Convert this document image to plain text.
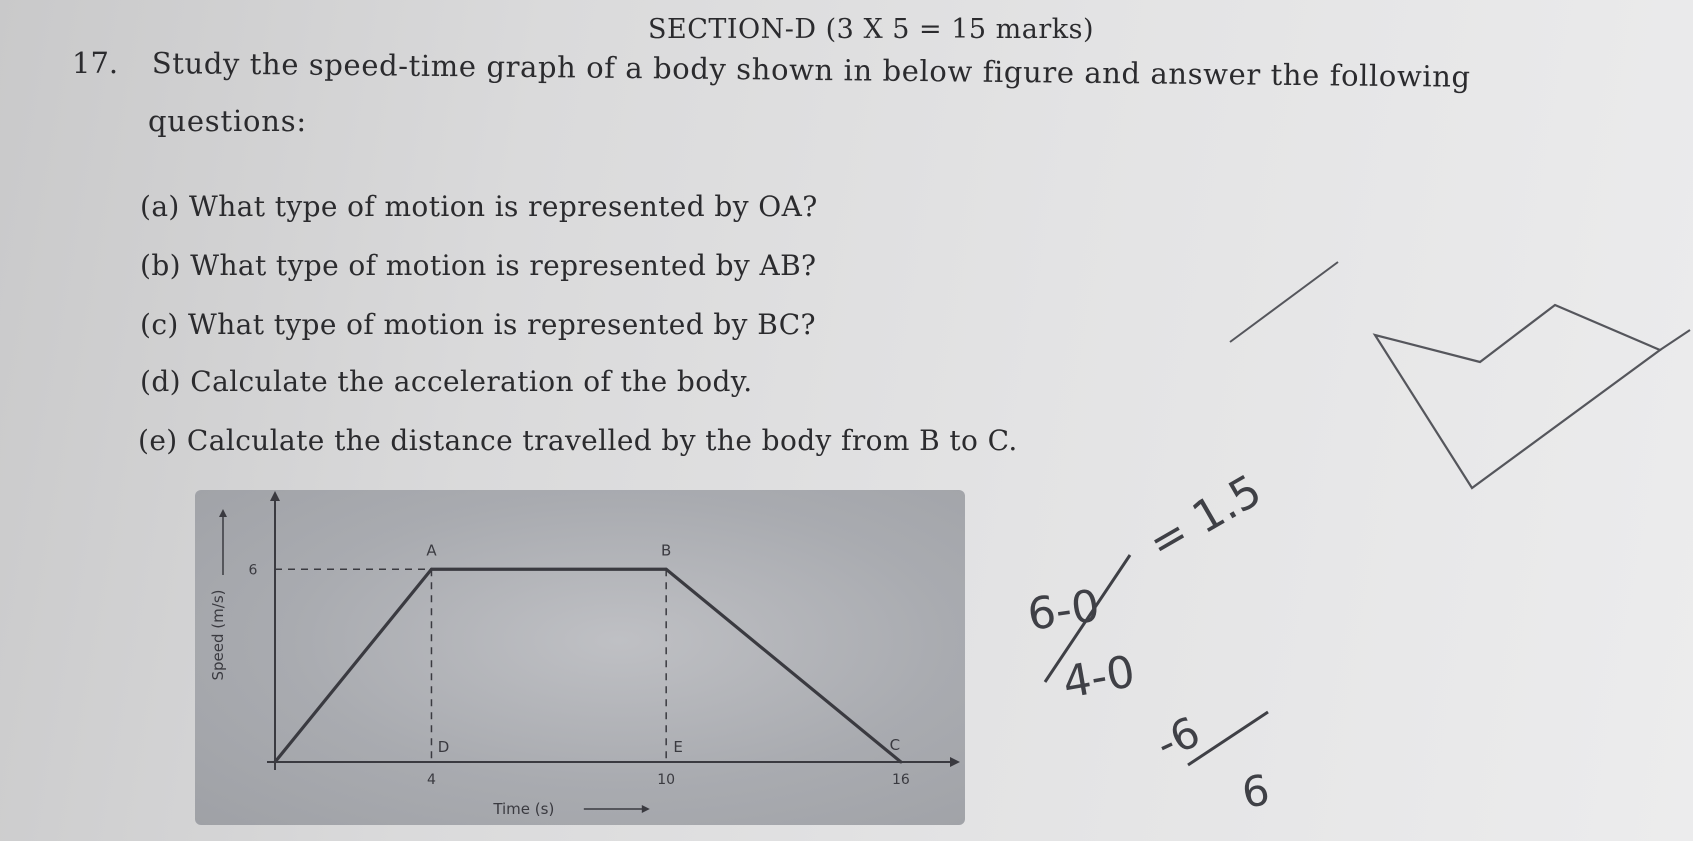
SECTION-D (3 X 5 = 15 marks)
17. Study the speed-time graph of a body shown in below figure and answer the following
questions:
(a) What type of motion is represented by OA?
(b) What type of motion is represented by AB?
(c) What type of motion is represented by BC?
(d) Calculate the acceleration of the body.
(e) Calculate the distance travelled by the body from B to C.
A	B
C
D	E
6
4	10	16
Time (s)
Speed (m/s)	6-0
4-0
= 1.5
-6
6
